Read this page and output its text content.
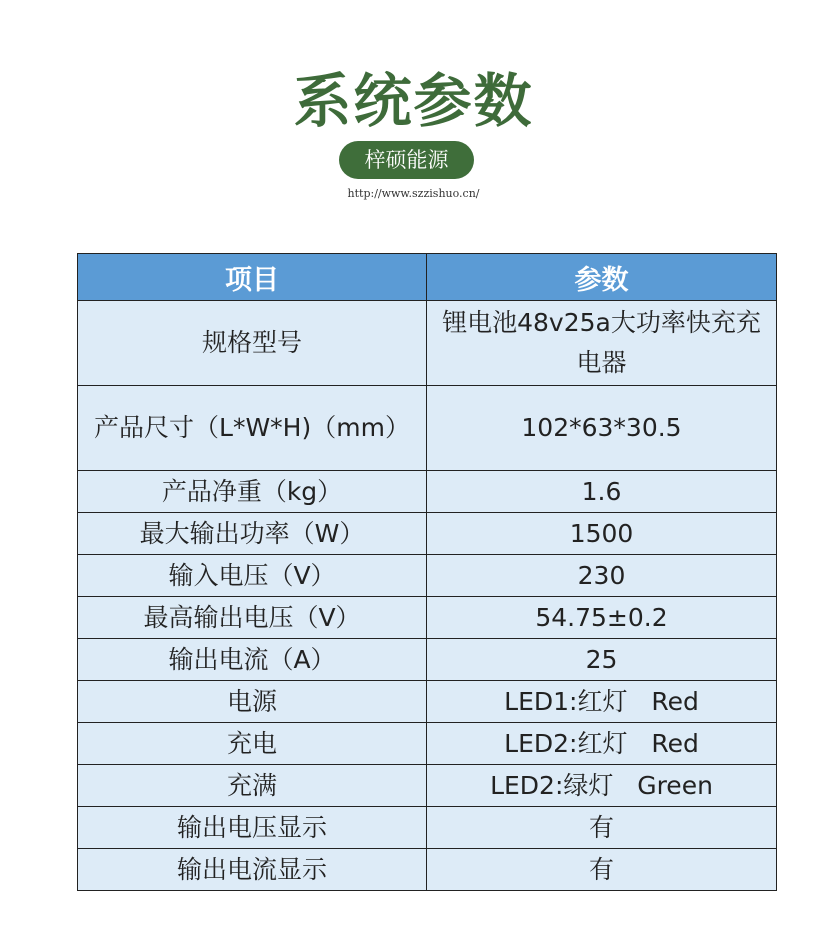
系统参数
梓硕能源
http://www.szzishuo.cn/
项目	参数
规格型号	锂电池48v25a大功率快充充电器
产品尺寸（L*W*H)（mm）	102*63*30.5
产品净重（kg）	1.6
最大输出功率（W）	1500
输入电压（V）	230
最高输出电压（V）	54.75±0.2
输出电流（A）	25
电源	LED1:红灯   Red
充电	LED2:红灯   Red
充满	LED2:绿灯   Green
输出电压显示	有
输出电流显示	有
